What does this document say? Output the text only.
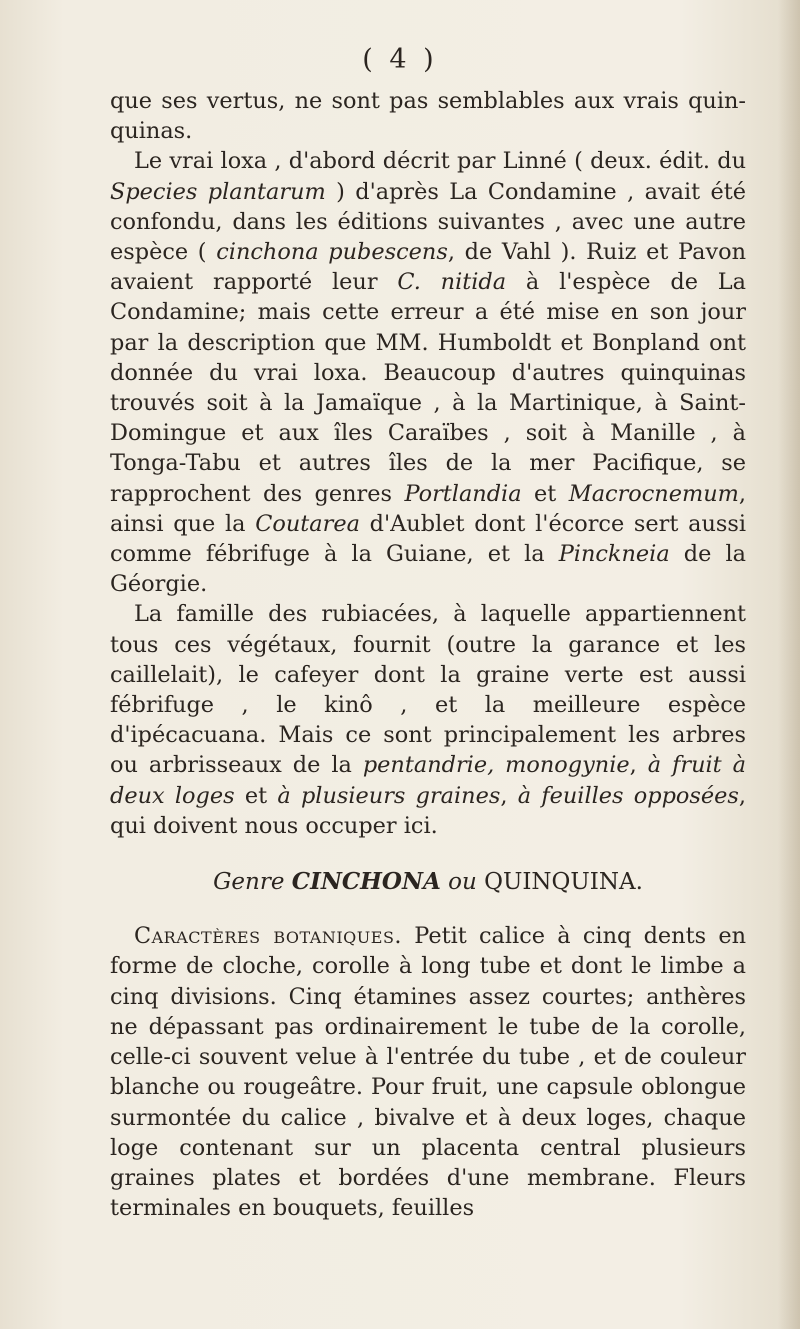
( 4 )

que ses vertus, ne sont pas semblables aux vrais quin- quinas.

Le vrai loxa , d'abord décrit par Linné ( deux. édit. du Species plantarum ) d'après La Condamine , avait été confondu, dans les éditions suivantes , avec une autre espèce ( cinchona pubescens, de Vahl ). Ruiz et Pavon avaient rapporté leur C. nitida à l'espèce de La Condamine; mais cette erreur a été mise en son jour par la description que MM. Humboldt et Bonpland ont donnée du vrai loxa. Beaucoup d'autres quinquinas trouvés soit à la Jamaïque , à la Martinique, à Saint-Domingue et aux îles Caraïbes , soit à Manille , à Tonga-Tabu et autres îles de la mer Pacifique, se rapprochent des genres Portlandia et Macrocnemum, ainsi que la Coutarea d'Aublet dont l'écorce sert aussi comme fébrifuge à la Guiane, et la Pinckneia de la Géorgie.

La famille des rubiacées, à laquelle appartiennent tous ces végétaux, fournit (outre la garance et les caillelait), le cafeyer dont la graine verte est aussi fébrifuge , le kinô , et la meilleure espèce d'ipécacuana. Mais ce sont principalement les arbres ou arbrisseaux de la pentandrie, monogynie, à fruit à deux loges et à plusieurs graines, à feuilles opposées, qui doivent nous occuper ici.

Genre CINCHONA ou QUINQUINA.

Caractères botaniques. Petit calice à cinq dents en forme de cloche, corolle à long tube et dont le limbe a cinq divisions. Cinq étamines assez courtes; anthères ne dépassant pas ordinairement le tube de la corolle, celle-ci souvent velue à l'entrée du tube , et de couleur blanche ou rougeâtre. Pour fruit, une capsule oblongue surmontée du calice , bivalve et à deux loges, chaque loge contenant sur un placenta central plusieurs graines plates et bordées d'une membrane. Fleurs terminales en bouquets, feuilles
